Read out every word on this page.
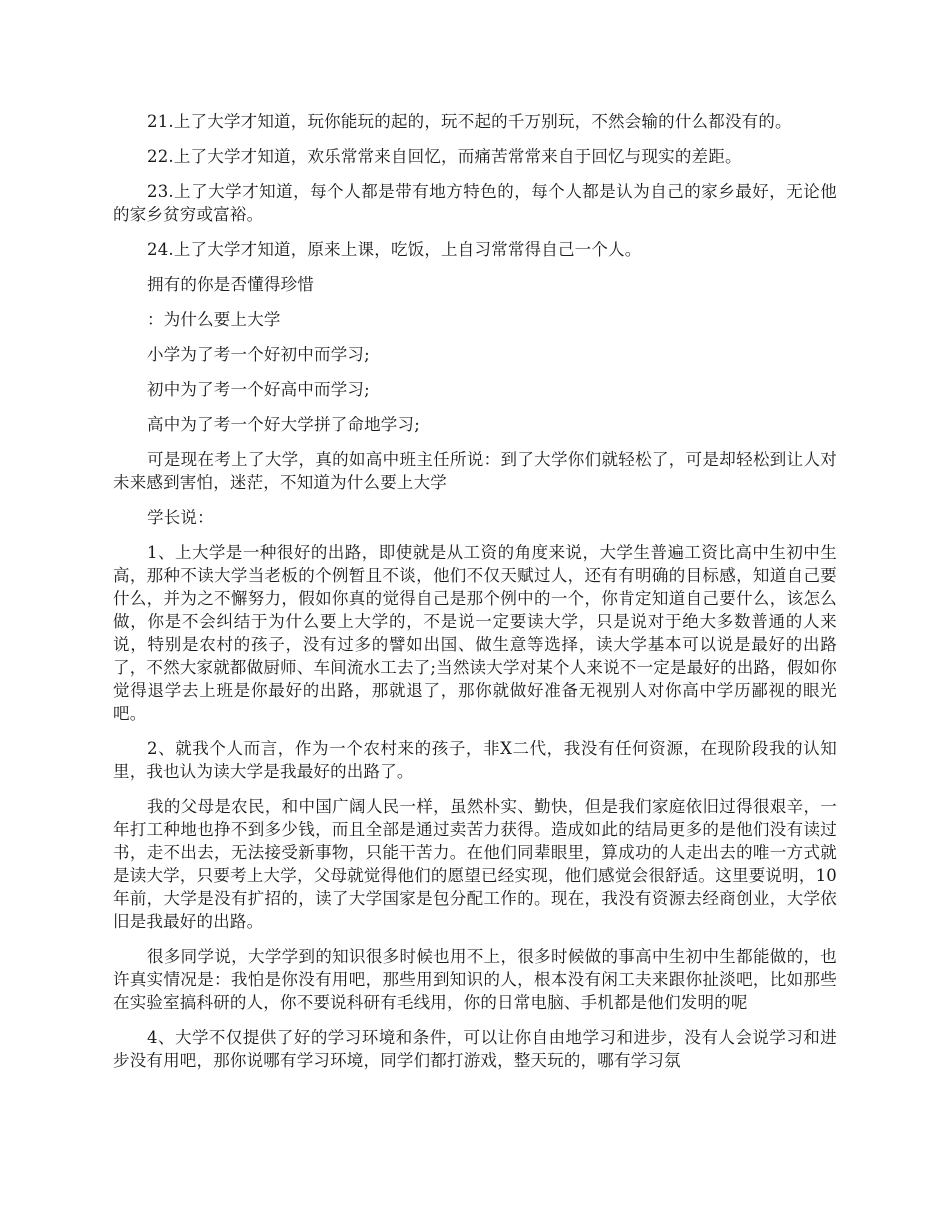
21.上了大学才知道，玩你能玩的起的，玩不起的千万别玩，不然会输的什么都没有的。

22.上了大学才知道，欢乐常常来自回忆，而痛苦常常来自于回忆与现实的差距。

23.上了大学才知道，每个人都是带有地方特色的，每个人都是认为自己的家乡最好，无论他的家乡贫穷或富裕。

24.上了大学才知道，原来上课，吃饭，上自习常常得自己一个人。

拥有的你是否懂得珍惜

：为什么要上大学

小学为了考一个好初中而学习;

初中为了考一个好高中而学习;

高中为了考一个好大学拼了命地学习;

可是现在考上了大学，真的如高中班主任所说：到了大学你们就轻松了，可是却轻松到让人对未来感到害怕，迷茫，不知道为什么要上大学

学长说：

1、上大学是一种很好的出路，即使就是从工资的角度来说，大学生普遍工资比高中生初中生高，那种不读大学当老板的个例暂且不谈，他们不仅天赋过人，还有有明确的目标感，知道自己要什么，并为之不懈努力，假如你真的觉得自己是那个例中的一个，你肯定知道自己要什么，该怎么做，你是不会纠结于为什么要上大学的，不是说一定要读大学，只是说对于绝大多数普通的人来说，特别是农村的孩子，没有过多的譬如出国、做生意等选择，读大学基本可以说是最好的出路了，不然大家就都做厨师、车间流水工去了;当然读大学对某个人来说不一定是最好的出路，假如你觉得退学去上班是你最好的出路，那就退了，那你就做好准备无视别人对你高中学历鄙视的眼光吧。

2、就我个人而言，作为一个农村来的孩子，非X二代，我没有任何资源，在现阶段我的认知里，我也认为读大学是我最好的出路了。

我的父母是农民，和中国广阔人民一样，虽然朴实、勤快，但是我们家庭依旧过得很艰辛，一年打工种地也挣不到多少钱，而且全部是通过卖苦力获得。造成如此的结局更多的是他们没有读过书，走不出去，无法接受新事物，只能干苦力。在他们同辈眼里，算成功的人走出去的唯一方式就是读大学，只要考上大学，父母就觉得他们的愿望已经实现，他们感觉会很舒适。这里要说明，10年前，大学是没有扩招的，读了大学国家是包分配工作的。现在，我没有资源去经商创业，大学依旧是我最好的出路。

很多同学说，大学学到的知识很多时候也用不上，很多时候做的事高中生初中生都能做的，也许真实情况是：我怕是你没有用吧，那些用到知识的人，根本没有闲工夫来跟你扯淡吧，比如那些在实验室搞科研的人，你不要说科研有毛线用，你的日常电脑、手机都是他们发明的呢

4、大学不仅提供了好的学习环境和条件，可以让你自由地学习和进步，没有人会说学习和进步没有用吧，那你说哪有学习环境，同学们都打游戏，整天玩的，哪有学习氛
